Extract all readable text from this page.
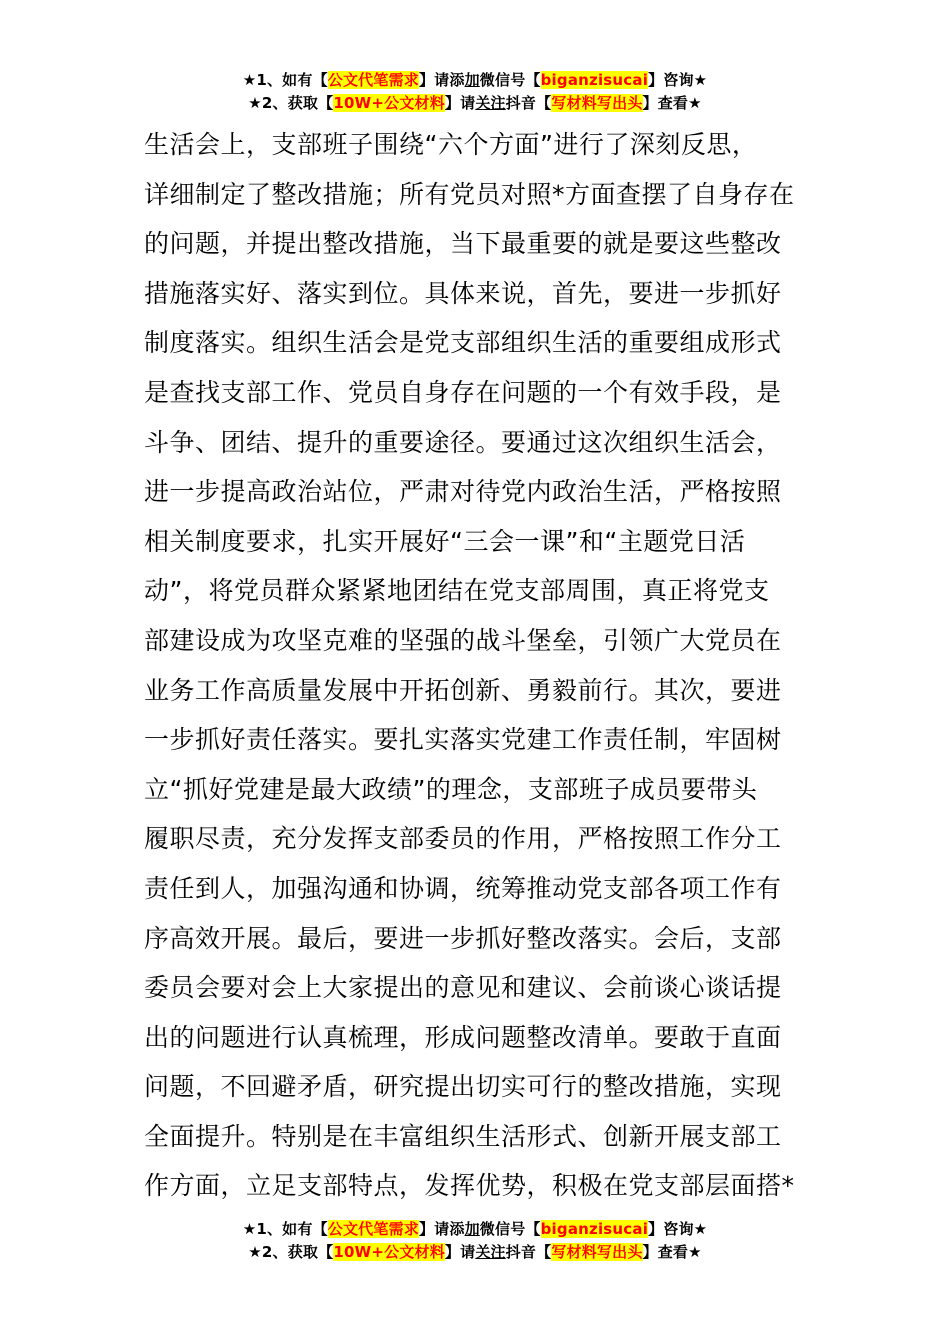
★1、如有【公文代笔需求】请添加微信号【biganzisucai】咨询★
★2、获取【10W+公文材料】请关注抖音【写材料写出头】查看★
生活会上，支部班子围绕“六个方面”进行了深刻反思，
详细制定了整改措施；所有党员对照*方面查摆了自身存在
的问题，并提出整改措施，当下最重要的就是要这些整改
措施落实好、落实到位。具体来说，首先，要进一步抓好
制度落实。组织生活会是党支部组织生活的重要组成形式
是查找支部工作、党员自身存在问题的一个有效手段，是
斗争、团结、提升的重要途径。要通过这次组织生活会，
进一步提高政治站位，严肃对待党内政治生活，严格按照
相关制度要求，扎实开展好“三会一课”和“主题党日活
动”，将党员群众紧紧地团结在党支部周围，真正将党支
部建设成为攻坚克难的坚强的战斗堡垒，引领广大党员在
业务工作高质量发展中开拓创新、勇毅前行。其次，要进
一步抓好责任落实。要扎实落实党建工作责任制，牢固树
立“抓好党建是最大政绩”的理念，支部班子成员要带头
履职尽责，充分发挥支部委员的作用，严格按照工作分工
责任到人，加强沟通和协调，统筹推动党支部各项工作有
序高效开展。最后，要进一步抓好整改落实。会后，支部
委员会要对会上大家提出的意见和建议、会前谈心谈话提
出的问题进行认真梳理，形成问题整改清单。要敢于直面
问题，不回避矛盾，研究提出切实可行的整改措施，实现
全面提升。特别是在丰富组织生活形式、创新开展支部工
作方面，立足支部特点，发挥优势，积极在党支部层面搭*
★1、如有【公文代笔需求】请添加微信号【biganzisucai】咨询★
★2、获取【10W+公文材料】请关注抖音【写材料写出头】查看★
